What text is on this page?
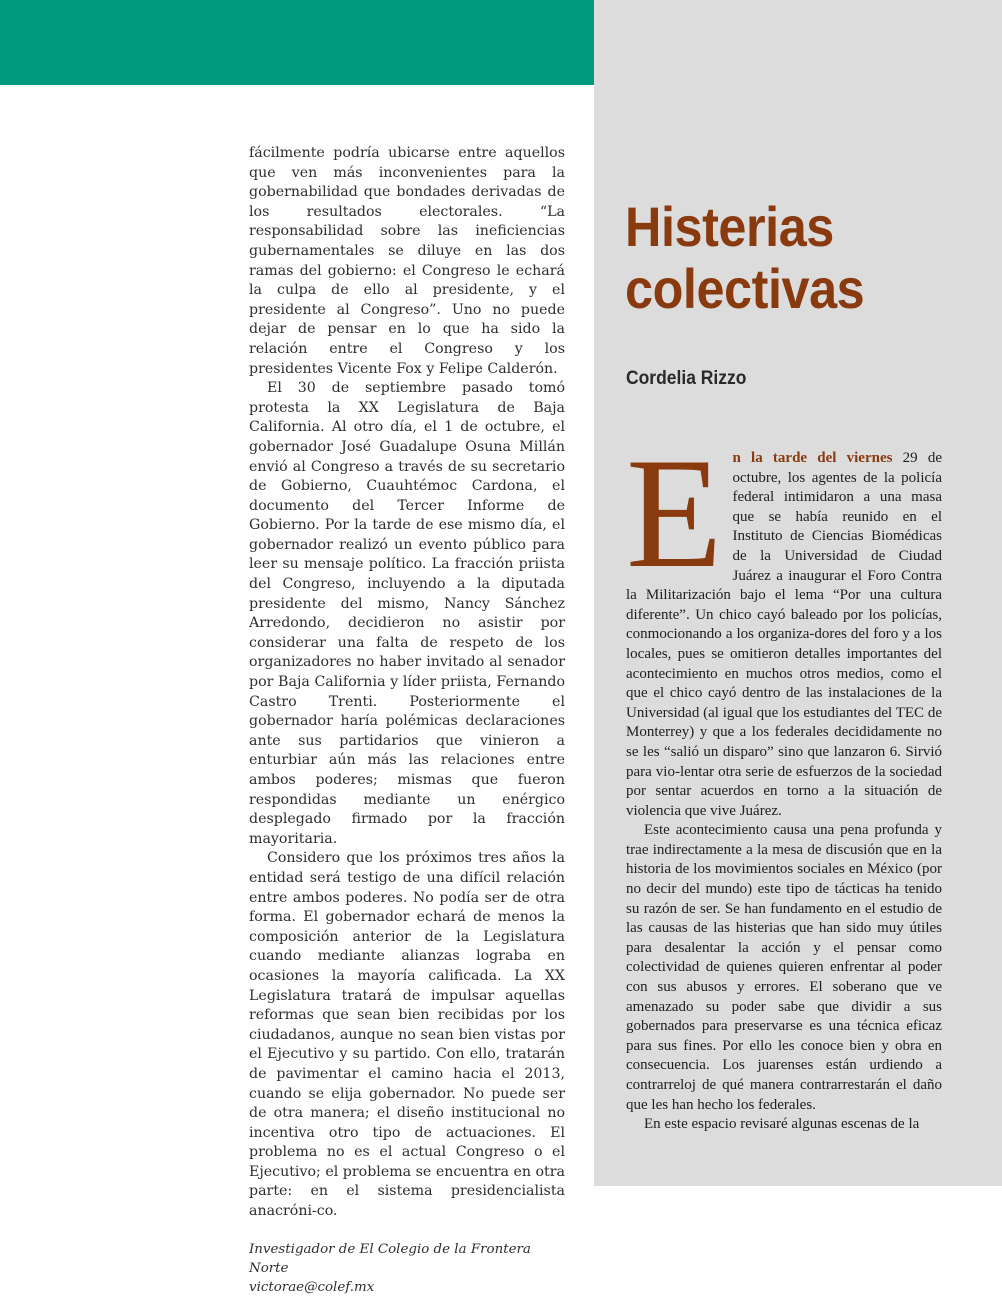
fácilmente podría ubicarse entre aquellos que ven más inconvenientes para la gobernabilidad que bondades derivadas de los resultados electorales. “La responsabilidad sobre las ineficiencias gubernamentales se diluye en las dos ramas del gobierno: el Congreso le echará la culpa de ello al presidente, y el presidente al Congreso”. Uno no puede dejar de pensar en lo que ha sido la relación entre el Congreso y los presidentes Vicente Fox y Felipe Calderón.

El 30 de septiembre pasado tomó protesta la XX Legislatura de Baja California. Al otro día, el 1 de octubre, el gobernador José Guadalupe Osuna Millán envió al Congreso a través de su secretario de Gobierno, Cuauhtémoc Cardona, el documento del Tercer Informe de Gobierno. Por la tarde de ese mismo día, el gobernador realizó un evento público para leer su mensaje político. La fracción priista del Congreso, incluyendo a la diputada presidente del mismo, Nancy Sánchez Arredondo, decidieron no asistir por considerar una falta de respeto de los organizadores no haber invitado al senador por Baja California y líder priista, Fernando Castro Trenti. Posteriormente el gobernador haría polémicas declaraciones ante sus partidarios que vinieron a enturbiar aún más las relaciones entre ambos poderes; mismas que fueron respondidas mediante un enérgico desplegado firmado por la fracción mayoritaria.

Considero que los próximos tres años la entidad será testigo de una difícil relación entre ambos poderes. No podía ser de otra forma. El gobernador echará de menos la composición anterior de la Legislatura cuando mediante alianzas lograba en ocasiones la mayoría calificada. La XX Legislatura tratará de impulsar aquellas reformas que sean bien recibidas por los ciudadanos, aunque no sean bien vistas por el Ejecutivo y su partido. Con ello, tratarán de pavimentar el camino hacia el 2013, cuando se elija gobernador. No puede ser de otra manera; el diseño institucional no incentiva otro tipo de actuaciones. El problema no es el actual Congreso o el Ejecutivo; el problema se encuentra en otra parte: en el sistema presidencialista anacróni-co.

Investigador de El Colegio de la Frontera Norte
victorae@colef.mx
Histerias
colectivas

Cordelia Rizzo

En la tarde del viernes 29 de octubre, los agentes de la policía federal intimidaron a una masa que se había reunido en el Instituto de Ciencias Biomédicas de la Universidad de Ciudad Juárez a inaugurar el Foro Contra la Militarización bajo el lema “Por una cultura diferente”. Un chico cayó baleado por los policías, conmocionando a los organiza-dores del foro y a los locales, pues se omitieron detalles importantes del acontecimiento en muchos otros medios, como el que el chico cayó dentro de las instalaciones de la Universidad (al igual que los estudiantes del TEC de Monterrey) y que a los federales decididamente no se les “salió un disparo” sino que lanzaron 6. Sirvió para vio-lentar otra serie de esfuerzos de la sociedad por sentar acuerdos en torno a la situación de violencia que vive Juárez.

Este acontecimiento causa una pena profunda y trae indirectamente a la mesa de discusión que en la historia de los movimientos sociales en México (por no decir del mundo) este tipo de tácticas ha tenido su razón de ser. Se han fundamento en el estudio de las causas de las histerias que han sido muy útiles para desalentar la acción y el pensar como colectividad de quienes quieren enfrentar al poder con sus abusos y errores. El soberano que ve amenazado su poder sabe que dividir a sus gobernados para preservarse es una técnica eficaz para sus fines. Por ello les conoce bien y obra en consecuencia. Los juarenses están urdiendo a contrarreloj de qué manera contrarrestarán el daño que les han hecho los federales.

En este espacio revisaré algunas escenas de la
